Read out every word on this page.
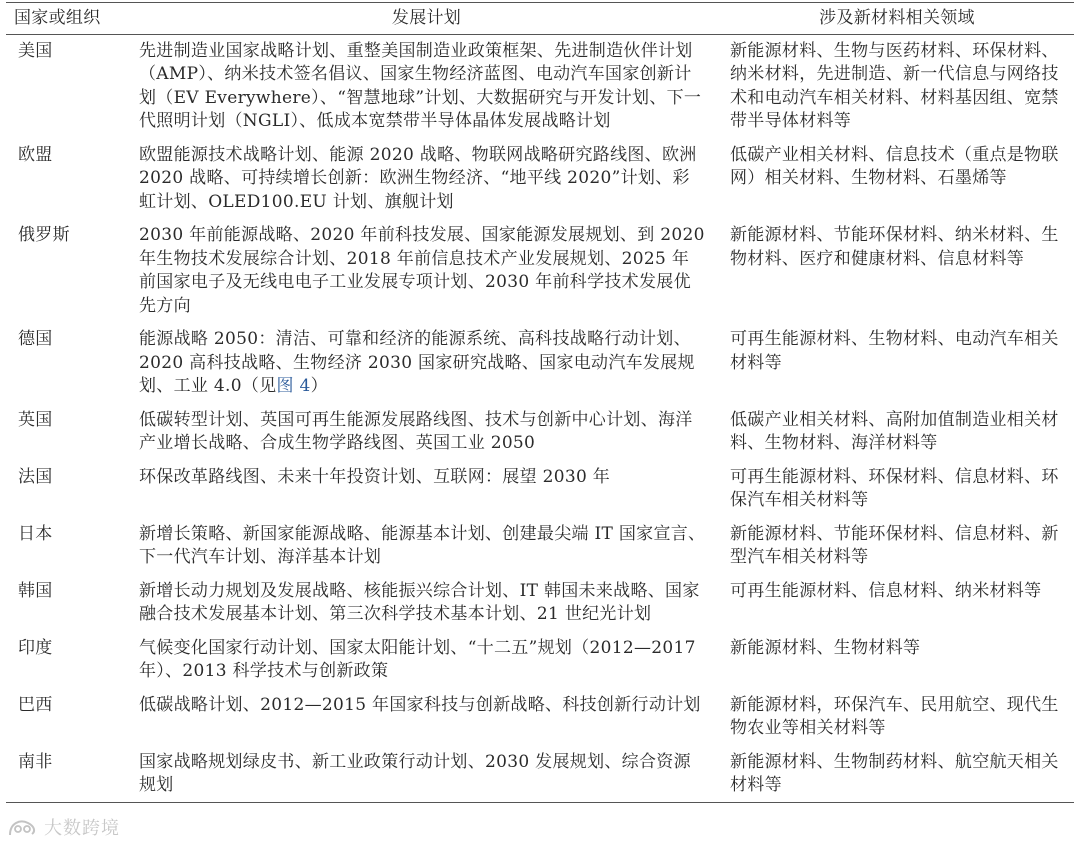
国家或组织	发展计划	涉及新材料相关领域
美国	先进制造业国家战略计划、重整美国制造业政策框架、先进制造伙伴计划（AMP）、纳米技术签名倡议、国家生物经济蓝图、电动汽车国家创新计划（EV Everywhere）、“智慧地球”计划、大数据研究与开发计划、下一代照明计划（NGLI）、低成本宽禁带半导体晶体发展战略计划	新能源材料、生物与医药材料、环保材料、纳米材料，先进制造、新一代信息与网络技术和电动汽车相关材料、材料基因组、宽禁带半导体材料等
欧盟	欧盟能源技术战略计划、能源 2020 战略、物联网战略研究路线图、欧洲 2020 战略、可持续增长创新：欧洲生物经济、“地平线 2020”计划、彩虹计划、OLED100.EU 计划、旗舰计划	低碳产业相关材料、信息技术（重点是物联网）相关材料、生物材料、石墨烯等
俄罗斯	2030 年前能源战略、2020 年前科技发展、国家能源发展规划、到 2020 年生物技术发展综合计划、2018 年前信息技术产业发展规划、2025 年前国家电子及无线电电子工业发展专项计划、2030 年前科学技术发展优先方向	新能源材料、节能环保材料、纳米材料、生物材料、医疗和健康材料、信息材料等
德国	能源战略 2050：清洁、可靠和经济的能源系统、高科技战略行动计划、2020 高科技战略、生物经济 2030 国家研究战略、国家电动汽车发展规划、工业 4.0（见图 4）	可再生能源材料、生物材料、电动汽车相关材料等
英国	低碳转型计划、英国可再生能源发展路线图、技术与创新中心计划、海洋产业增长战略、合成生物学路线图、英国工业 2050	低碳产业相关材料、高附加值制造业相关材料、生物材料、海洋材料等
法国	环保改革路线图、未来十年投资计划、互联网：展望 2030 年	可再生能源材料、环保材料、信息材料、环保汽车相关材料等
日本	新增长策略、新国家能源战略、能源基本计划、创建最尖端 IT 国家宣言、下一代汽车计划、海洋基本计划	新能源材料、节能环保材料、信息材料、新型汽车相关材料等
韩国	新增长动力规划及发展战略、核能振兴综合计划、IT 韩国未来战略、国家融合技术发展基本计划、第三次科学技术基本计划、21 世纪光计划	可再生能源材料、信息材料、纳米材料等
印度	气候变化国家行动计划、国家太阳能计划、“十二五”规划（2012—2017 年）、2013 科学技术与创新政策	新能源材料、生物材料等
巴西	低碳战略计划、2012—2015 年国家科技与创新战略、科技创新行动计划	新能源材料，环保汽车、民用航空、现代生物农业等相关材料等
南非	国家战略规划绿皮书、新工业政策行动计划、2030 发展规划、综合资源规划	新能源材料、生物制药材料、航空航天相关材料等
大数跨境
